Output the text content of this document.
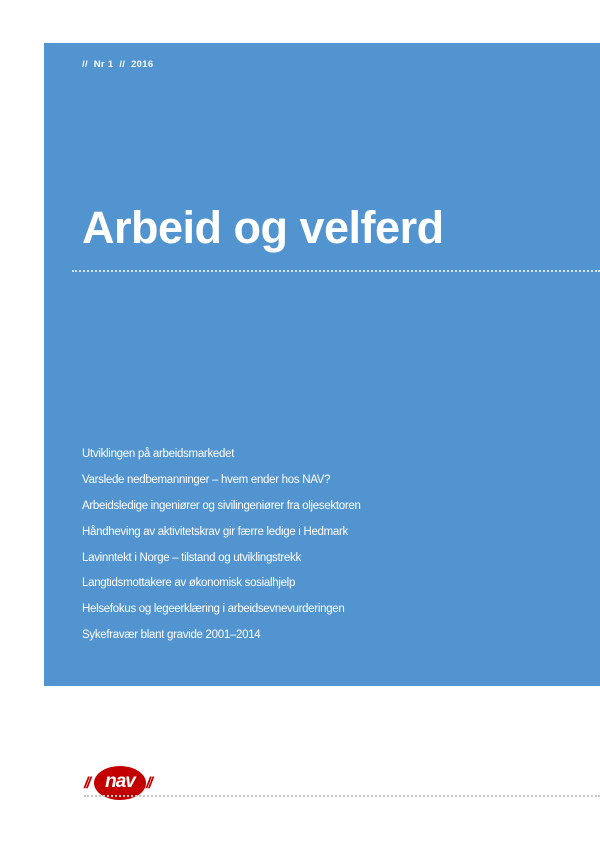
//  Nr 1  //  2016
Arbeid og velferd
Utviklingen på arbeidsmarkedet
Varslede nedbemanninger – hvem ender hos NAV?
Arbeidsledige ingeniører og sivilingeniører fra oljesektoren
Håndheving av aktivitetskrav gir færre ledige i Hedmark
Lavinntekt i Norge – tilstand og utviklingstrekk
Langtidsmottakere av økonomisk sosialhjelp
Helsefokus og legeerklæring i arbeidsevnevurderingen
Sykefravær blant gravide 2001–2014
// nav //
